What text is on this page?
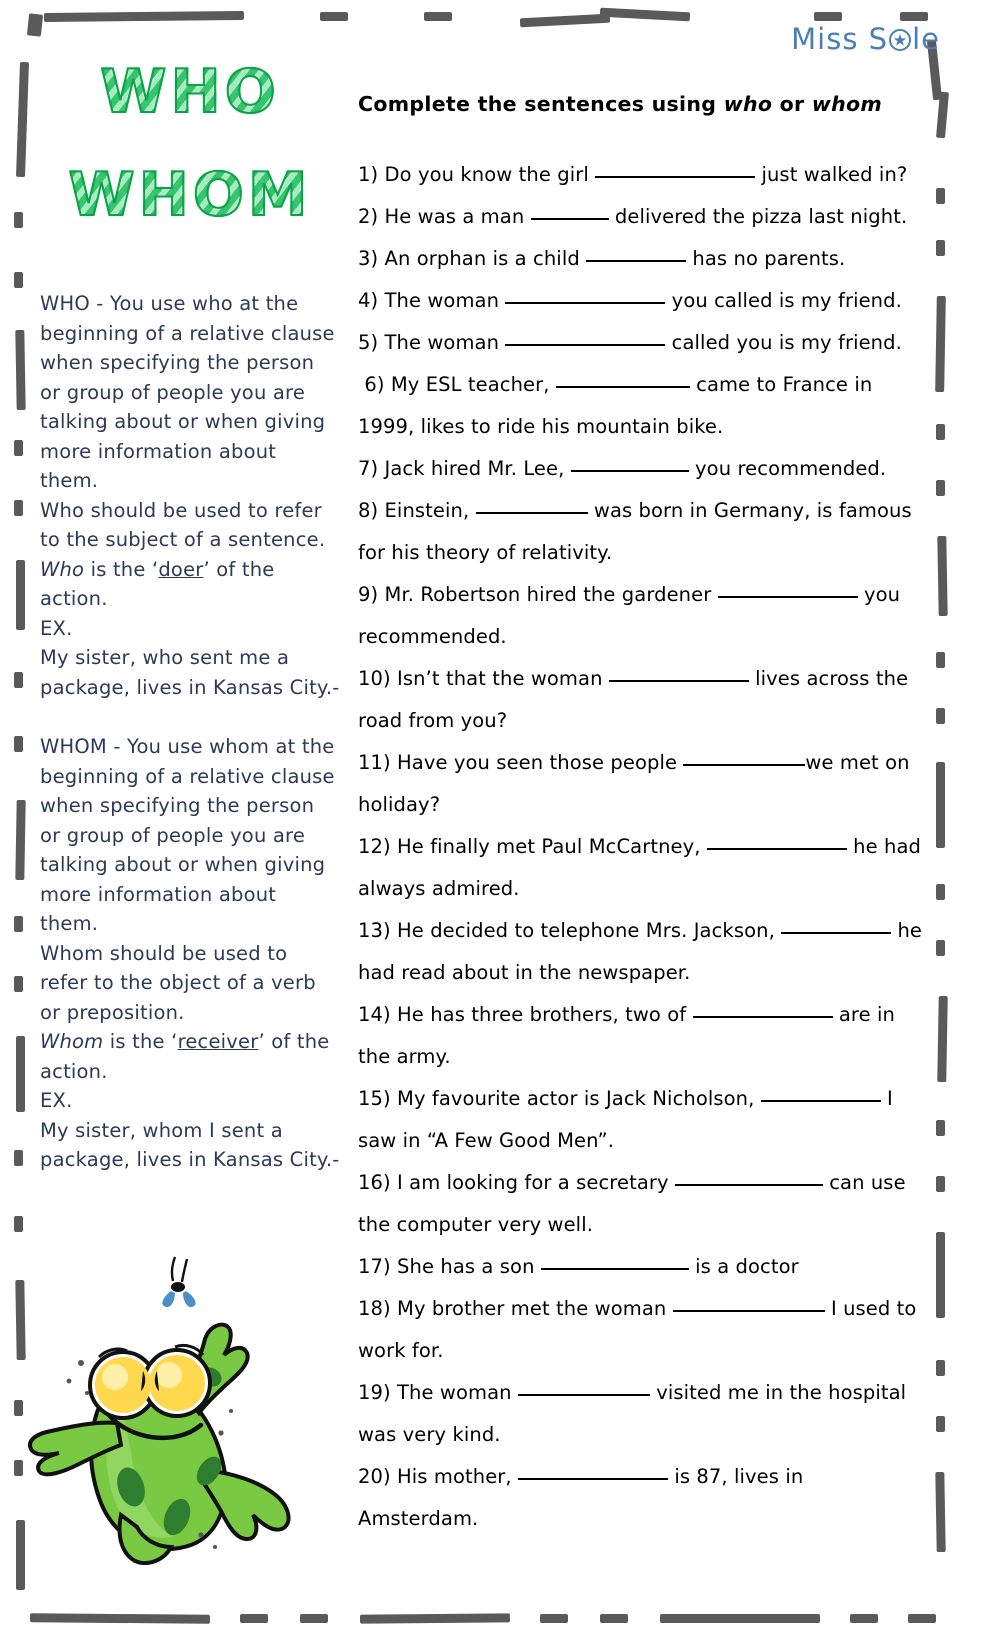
Miss S le
WHO
WHOM

WHO - You use who at the beginning of a relative clause when specifying the person or group of people you are talking about or when giving more information about them.

Who should be used to refer to the subject of a sentence.

Who is the ‘doer’ of the action.

EX.

My sister, who sent me a package, lives in Kansas City.-

WHOM - You use whom at the beginning of a relative clause when specifying the person or group of people you are talking about or when giving more information about them.

Whom should be used to refer to the object of a verb or preposition.

Whom is the ‘receiver’ of the action.

EX.

My sister, whom I sent a package, lives in Kansas City.-

Complete the sentences using who or whom
1) Do you know the girl	just walked in?
2) He was a man	delivered the pizza last night.
3) An orphan is a child	has no parents.
4) The woman	you called is my friend.
5) The woman	called you is my friend.
6) My ESL teacher,	came to France in 1999, likes to ride his mountain bike.
7) Jack hired Mr. Lee,	you recommended.
8) Einstein,	was born in Germany, is famous for his theory of relativity.
9) Mr. Robertson hired the gardener	you recommended.
10) Isn’t that the woman	lives across the road from you?
11) Have you seen those people	we met on holiday?
12) He finally met Paul McCartney,	he had always admired.
13) He decided to telephone Mrs. Jackson,	he had read about in the newspaper.
14) He has three brothers, two of	are in the army.
15) My favourite actor is Jack Nicholson,	I saw in “A Few Good Men”.
16) I am looking for a secretary	can use the computer very well.
17) She has a son	is a doctor
18) My brother met the woman	I used to work for.
19) The woman	visited me in the hospital was very kind.
20) His mother,	is 87, lives in Amsterdam.
